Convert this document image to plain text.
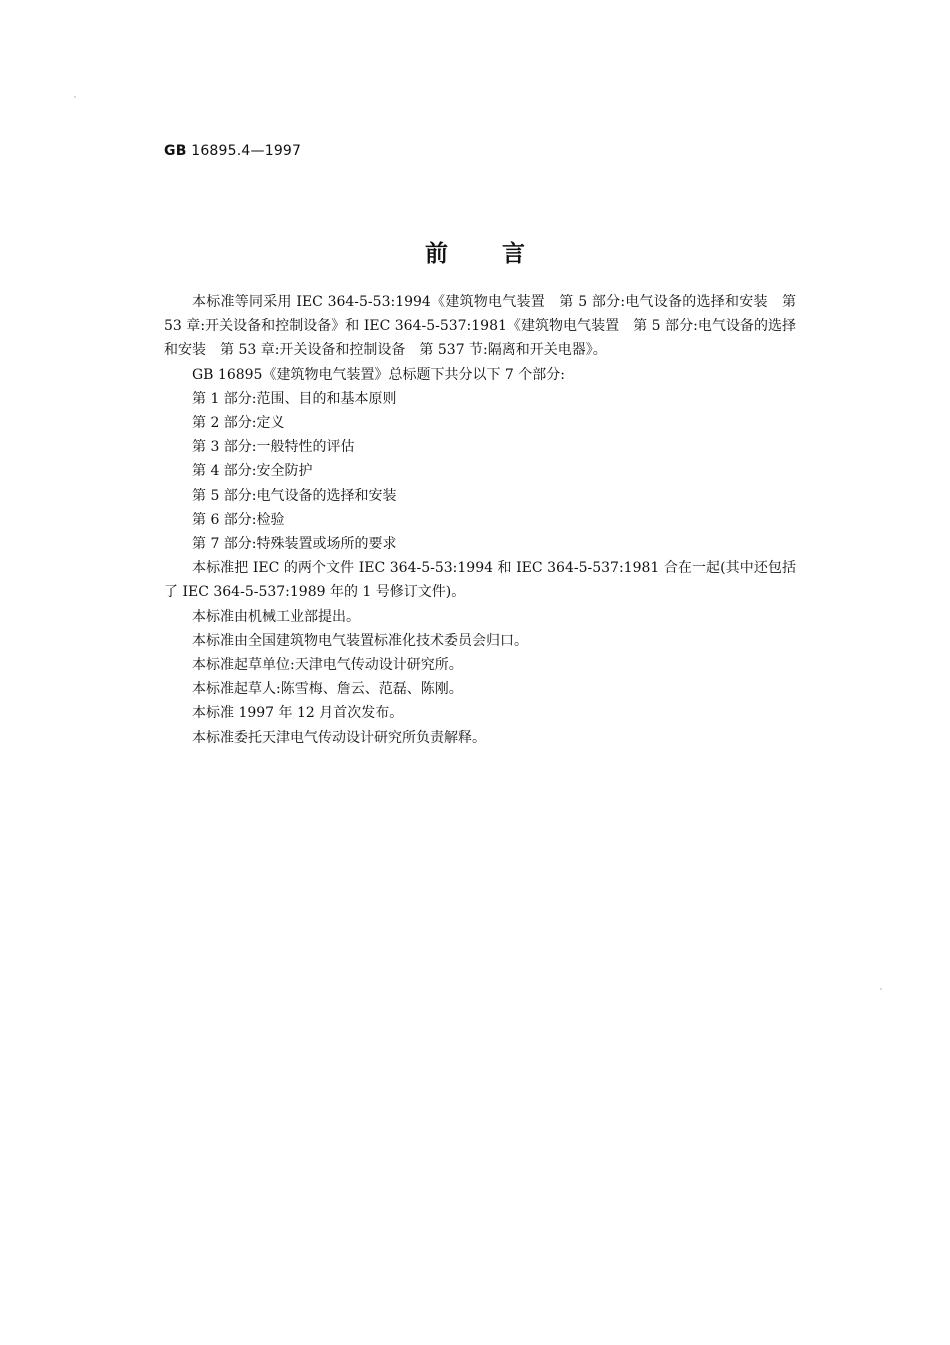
GB 16895.4—1997
前言

本标准等同采用 IEC 364-5-53:1994《建筑物电气装置　第 5 部分:电气设备的选择和安装　第 53 章:开关设备和控制设备》和 IEC 364-5-537:1981《建筑物电气装置　第 5 部分:电气设备的选择和安装　第 53 章:开关设备和控制设备　第 537 节:隔离和开关电器》。

GB 16895《建筑物电气装置》总标题下共分以下 7 个部分:

第 1 部分:范围、目的和基本原则

第 2 部分:定义

第 3 部分:一般特性的评估

第 4 部分:安全防护

第 5 部分:电气设备的选择和安装

第 6 部分:检验

第 7 部分:特殊装置或场所的要求

本标准把 IEC 的两个文件 IEC 364-5-53:1994 和 IEC 364-5-537:1981 合在一起(其中还包括了 IEC 364-5-537:1989 年的 1 号修订文件)。

本标准由机械工业部提出。

本标准由全国建筑物电气装置标准化技术委员会归口。

本标准起草单位:天津电气传动设计研究所。

本标准起草人:陈雪梅、詹云、范磊、陈刚。

本标准 1997 年 12 月首次发布。

本标准委托天津电气传动设计研究所负责解释。
